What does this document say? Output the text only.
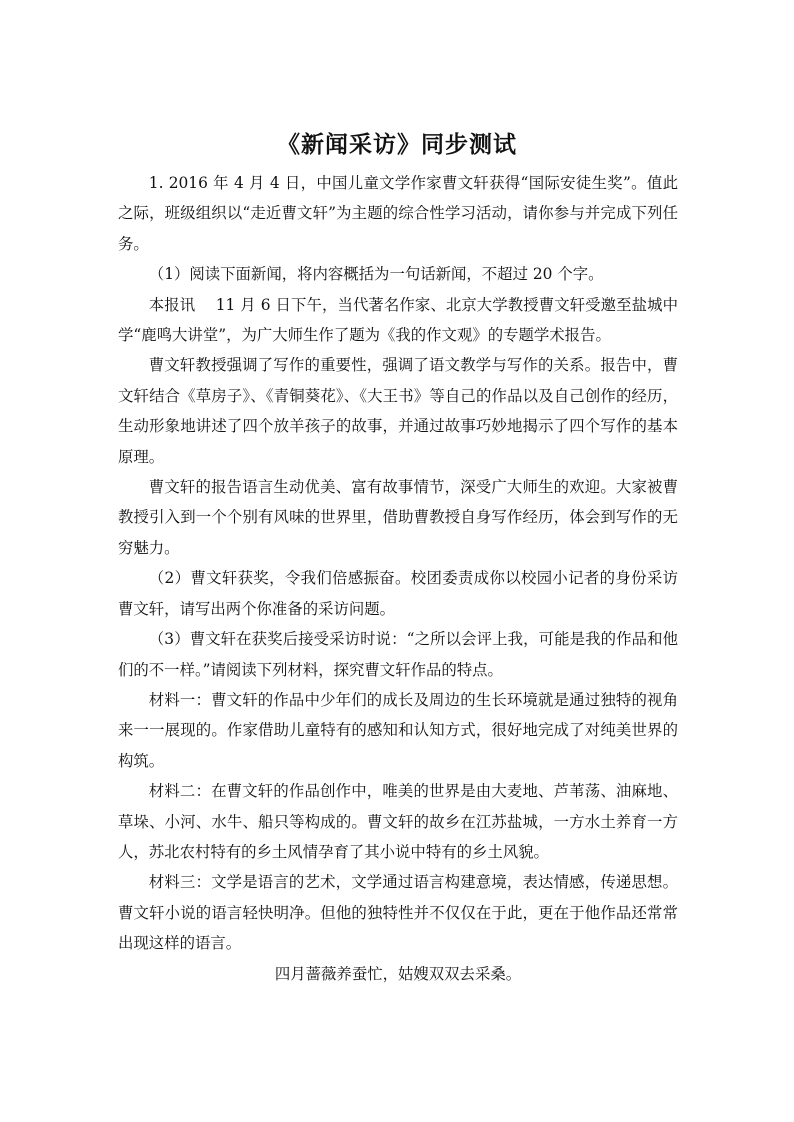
《新闻采访》同步测试

1. 2016 年 4 月 4 日，中国儿童文学作家曹文轩获得“国际安徒生奖”。值此之际，班级组织以“走近曹文轩”为主题的综合性学习活动，请你参与并完成下列任务。

（1）阅读下面新闻，将内容概括为一句话新闻，不超过 20 个字。

本报讯　 11 月 6 日下午，当代著名作家、北京大学教授曹文轩受邀至盐城中学“鹿鸣大讲堂”，为广大师生作了题为《我的作文观》的专题学术报告。

曹文轩教授强调了写作的重要性，强调了语文教学与写作的关系。报告中，曹文轩结合《草房子》、《青铜葵花》、《大王书》等自己的作品以及自己创作的经历，生动形象地讲述了四个放羊孩子的故事，并通过故事巧妙地揭示了四个写作的基本原理。

曹文轩的报告语言生动优美、富有故事情节，深受广大师生的欢迎。大家被曹教授引入到一个个别有风味的世界里，借助曹教授自身写作经历，体会到写作的无穷魅力。

（2）曹文轩获奖，令我们倍感振奋。校团委责成你以校园小记者的身份采访曹文轩，请写出两个你准备的采访问题。

（3）曹文轩在获奖后接受采访时说：“之所以会评上我，可能是我的作品和他们的不一样。”请阅读下列材料，探究曹文轩作品的特点。

材料一：曹文轩的作品中少年们的成长及周边的生长环境就是通过独特的视角来一一展现的。作家借助儿童特有的感知和认知方式，很好地完成了对纯美世界的构筑。

材料二：在曹文轩的作品创作中，唯美的世界是由大麦地、芦苇荡、油麻地、草垛、小河、水牛、船只等构成的。曹文轩的故乡在江苏盐城，一方水土养育一方人，苏北农村特有的乡土风情孕育了其小说中特有的乡土风貌。

材料三：文学是语言的艺术，文学通过语言构建意境，表达情感，传递思想。曹文轩小说的语言轻快明净。但他的独特性并不仅仅在于此，更在于他作品还常常出现这样的语言。

四月蔷薇养蚕忙，姑嫂双双去采桑。
